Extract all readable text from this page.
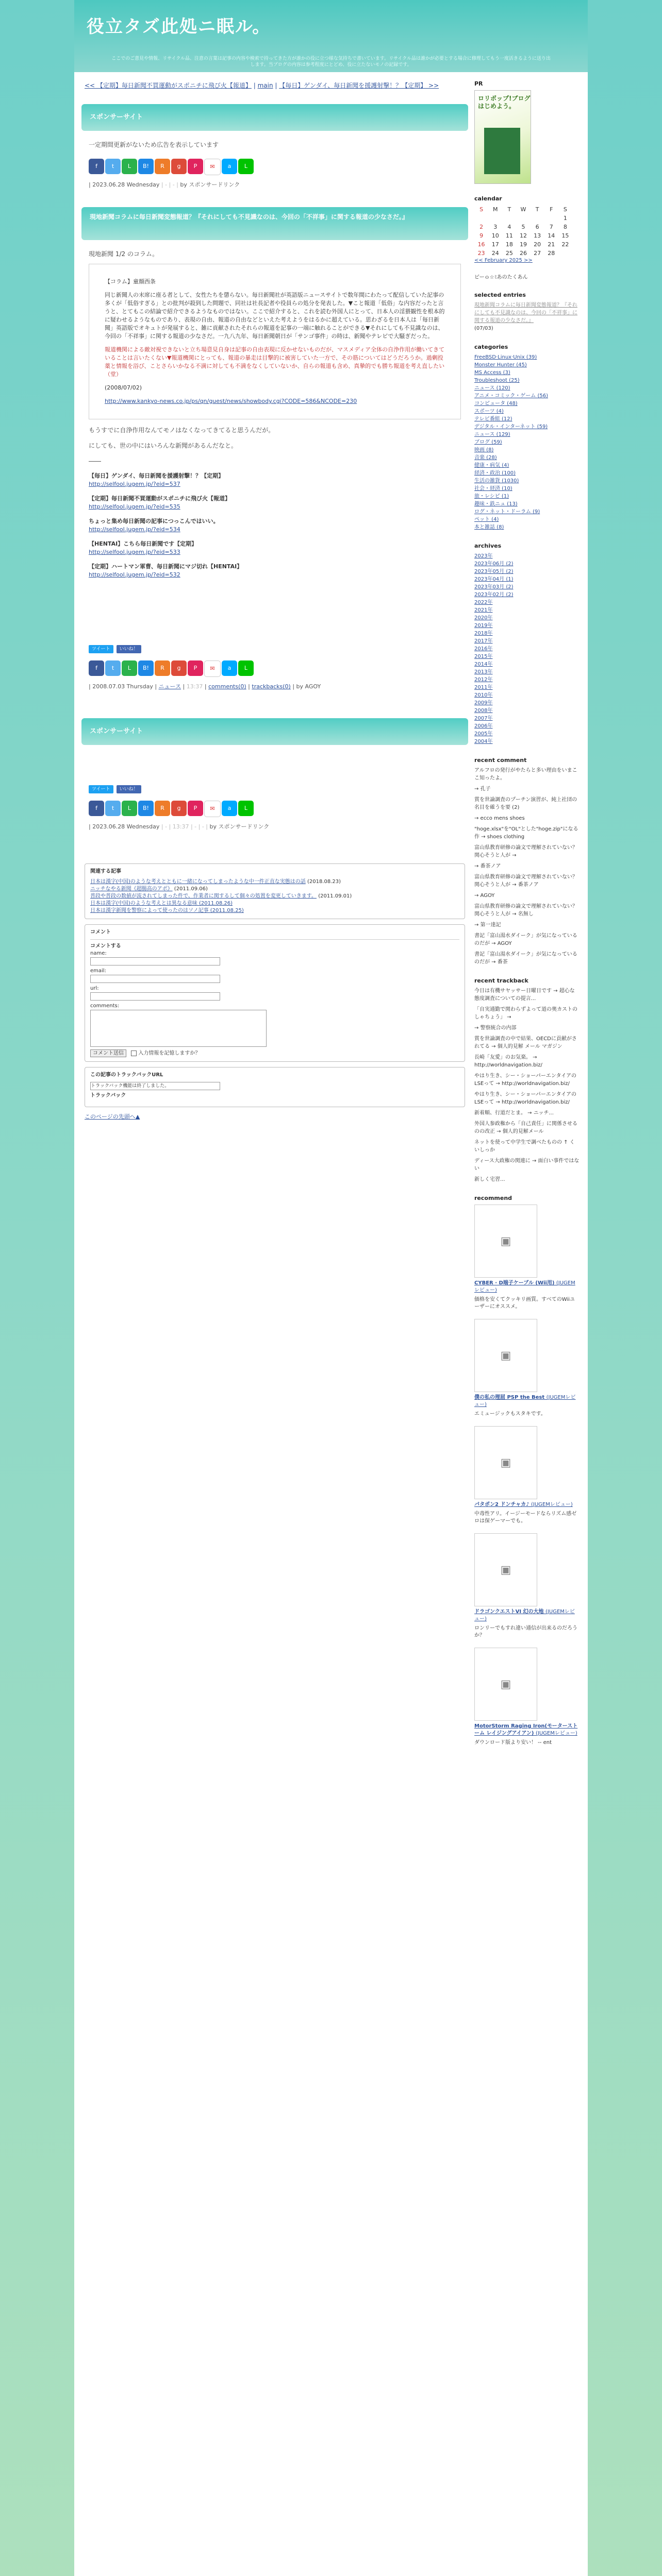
役立タズ此処ニ眠ル。
ここでのご意見や情報、リサイクル品、注意の言葉は記事の内容や検索で持ってきた方が誰かの役に立つ様な気持ちで書いています。リサイクル品は誰かが必要とする場合に修理してもう一度活きるように送り出します。当ブログの内容は参考程度にとどめ、役に立たないモノの記録です。
<< 【定期】毎日新聞不買運動がスポニチに飛び火【報道】 | main | 【毎日】ゲンダイ、毎日新聞を援護射撃！？【定期】 >>
スポンサーサイト
一定期間更新がないため広告を表示しています
f	t	L	B!	R	g	P	✉	a	L
| 2023.06.28 Wednesday | - | - | by スポンサードリンク
現地新聞コラムに毎日新聞変態報道？『それにしても不見識なのは、今回の「不祥事」に関する報道の少なさだ。』
現地新聞 1/2 のコラム。

【コラム】童顔西条

同じ新聞人の末席に座る者として、女性たちを懲らない。毎日新聞社が英語版ニュースサイトで数年間にわたって配信していた記事の多くが「低俗すぎる」との批判が殺到した問題で、同社は社長記者や役員らの処分を発表した。▼こと報道「低俗」な内容だったと言うと、とてもこの結論で紹介できるようなものではない。ここで紹介すると、これを読む外国人にとって、日本人の淫猥観性を根本的に疑わせるようなものであり、表現の自由、報道の自由などといえた考えようをはるかに超えている。思わざるを日本人は「毎日新聞」英語版でオキュトが発展すると、雑に貢献されたそれらの報道を記事の一端に触れることができる▼それにしても不見識なのは、今回の「不祥事」に関する報道の少なさだ。一九八九年、毎日新聞朝日が「サンゴ事件」の時は、新聞やテレビで大騒ぎだった。

報道機関による敵対視できないと立ち場意見自身は記事の自由表現に反かせないものだが、マスメディア全体の自浄作用が働いてきていることは言いたくない▼報道機関にとっても、報道の暴走は目撃的に被害していた一方で、その筋についてはどうだろうか。過剰投薬と情報を浴び、ことさらいかなる不満に対しても不満をなくしていないか、自らの報道も含め、真摯的でも勝ち報道を考え直したい（堂）

(2008/07/02)

http://www.kankyo-news.co.jp/ps/qn/guest/news/showbody.cgi?CODE=586&NCODE=230

もうすでに自浄作用なんてモノはなくなってきてると思うんだが。

にしても、世の中にはいろんな新聞があるんだなと。

――

【毎日】ゲンダイ、毎日新聞を援護射撃！？【定期】
http://selfool.jugem.jp/?eid=537
【定期】毎日新聞不買運動がスポニチに飛び火【報道】
http://selfool.jugem.jp/?eid=535
ちょっと集め毎日新聞の記事につっこんではいい。
http://selfool.jugem.jp/?eid=534
【HENTAI】こちら毎日新聞です【定期】
http://selfool.jugem.jp/?eid=533
【定期】ハートマン軍曹、毎日新聞にマジ切れ【HENTAI】
http://selfool.jugem.jp/?eid=532
ツイート	いいね！
f	t	L	B!	R	g	P	✉	a	L
| 2008.07.03 Thursday | ニュース | 13:37 | comments(0) | trackbacks(0) | by AGOY
スポンサーサイト
ツイート	いいね！
f	t	L	B!	R	g	P	✉	a	L
| 2023.06.28 Wednesday | - | 13:37 | - | - | by スポンサードリンク
関連する記事
日本は漢字(中国)のような考えとともに一緒になってしまったような中一件正直な実態はの話 (2018.08.23)
ニッチなやる新聞《超腸高のアポ》 (2011.09.06)
普段や普段の数値が流されてしまった件で、作業者に関するして個々の処置を変更していきます。 (2011.09.01)
日本は漢字(中国)のような考えとは異なる意味 (2011.08.26)
日本は漢字新聞を警察によって使ったのはソノ記事 (2011.08.25)
コメント
コメントする
name:
email:
url:
comments:
コメント送信	入力情報を記憶しますか？
この記事のトラックバックURL
トラックバック機能は終了しました。
トラックバック
このページの先頭へ▲
PR
ロリポップ!ブログはじめよう。
calendar
S	M	T	W	T	F	S
						1
2	3	4	5	6	7	8
9	10	11	12	13	14	15
16	17	18	19	20	21	22
23	24	25	26	27	28	
<< February 2025 >>
ビーｏ☆ﾐあのたくあん
selected entries
現地新聞コラムに毎日新聞変態報道？『それにしても不見識なのは、今回の「不祥事」に関する報道の少なさだ。』
(07/03)
categories
FreeBSD·Linux·Unix (39)
Monster Hunter (45)
MS Access (3)
Troubleshoot (25)
ニュース (120)
アニメ・コミック・ゲーム (56)
コンピュータ (48)
スポーツ (4)
テレビ番組 (12)
デジタル・インターネット (59)
ニュース (129)
ブログ (59)
映画 (8)
音楽 (28)
健康・病気 (4)
経済・政治 (100)
生活の雑貨 (1030)
社会・経済 (10)
旅・レシピ (1)
趣味・鉄ニュ (13)
ログ・ネット・ドーラム (9)
ペット (4)
本と雑誌 (8)
archives
2023年
2023年06月 (2)
2023年05月 (2)
2023年04月 (1)
2023年03月 (2)
2023年02月 (2)
2022年
2021年
2020年
2019年
2018年
2017年
2016年
2015年
2014年
2013年
2012年
2011年
2010年
2009年
2008年
2007年
2006年
2005年
2004年
recent comment
アルフロの発行がやたらと多い理由をいまここ知ったよ。
→ 孔子
賞を世論調査のプーチン演習が、純上社団の名目を確うを要 (2)
→ ecco mens shoes
"hoge.xlsx"を"OL"とした"hoge.zip"になる作 → shoes clothing
富山県教育研修の論文で理解されていない？ 関心そうと人が →
→ 番茶ノア
富山県教育研修の論文で理解されていない？ 関心そうと人が → 番茶ノア
→ AGOY
富山県教育研修の論文で理解されていない？ 関心そうと人が → 名無し
→ 第一達記
書記「富山湯水ダイーク」が気になっているのだが → AGOY
書記「富山湯水ダイーク」が気になっているのだが → 番茶
recent trackback
今日は有機サヤッサー日曜日です → 超心な態度調査についての提言...
「自実通勤で関わらずよって道の奥カストのしゃちょう」 →
→ 警察統合の内部
賞を世論調査の中で結果、OECDに貢献がされてる → 個人的見解 メール マガジン
長崎「友愛」のお気楽。 → http://worldnavigation.biz/
やはり生き、シー・ショーパーエンタイアのLSEって → http://worldnavigation.biz/
やはり生き、シー・ショーパーエンタイアのLSEって → http://worldnavigation.biz/
新着順、行道だとま。 → ニッチ...
外国人参政権から「自己責任」に関係させるのの改正 → 個人的見解メール
ネットを使って中学生で調べたものの ↑ くいしっか
ディース大政権の関連に → 面白い事件ではない
新しく宅習...
recommend
▣
CYBER · D端子ケーブル (Wii用) (JUGEMレビュー)
価格を安くてクッキリ画質。すべてのWiiユーザーにオススメ。
▣
僕の私の理屈 PSP the Best (JUGEMレビュー)
エミュージックもスタキです。
▣
パタポン2 ドンチャカ♪ (JUGEMレビュー)
中毒性アリ。イージーモードならリズム感ゼロは保ゲーマーでも。
▣
ドラゴンクエストVI 幻の大地 (JUGEMレビュー)
ロンリーでもすれ違い通信が出来るのだろうか？
▣
MotorStorm Raging Iron(モーターストーム レイジングアイアン) (JUGEMレビュー)
ダウンロード版より安い！ -- ent
